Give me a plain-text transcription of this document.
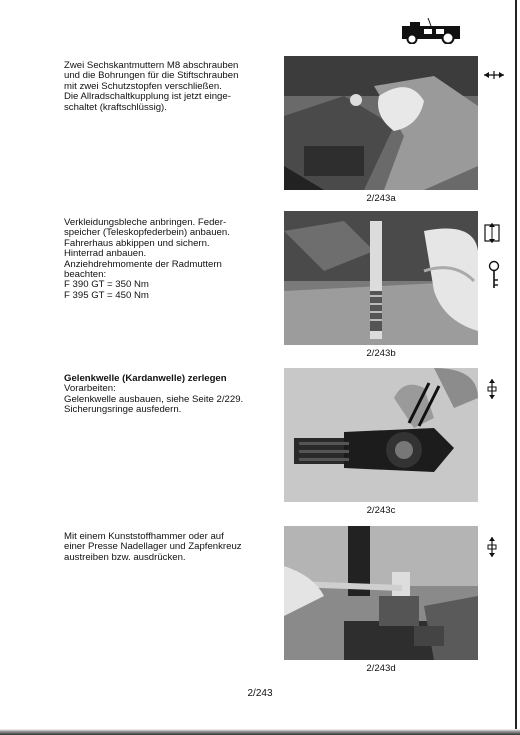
Zwei Sechskantmuttern M8 abschrauben
und die Bohrungen für die Stiftschrauben
mit zwei Schutzstopfen verschließen.
Die Allradschaltkupplung ist jetzt einge-
schaltet (kraftschlüssig).
2/243a
Verkleidungsbleche anbringen. Feder-
speicher (Teleskopfederbein) anbauen.
Fahrerhaus abkippen und sichern.
Hinterrad anbauen.
Anziehdrehmomente der Radmuttern
beachten:
F 390 GT = 350 Nm
F 395 GT = 450 Nm
2/243b
Gelenkwelle (Kardanwelle) zerlegen
Vorarbeiten:
Gelenkwelle ausbauen, siehe Seite 2/229.
Sicherungsringe ausfedern.
2/243c
Mit einem Kunststoffhammer oder auf
einer Presse Nadellager und Zapfenkreuz
austreiben bzw. ausdrücken.
2/243d
2/243
